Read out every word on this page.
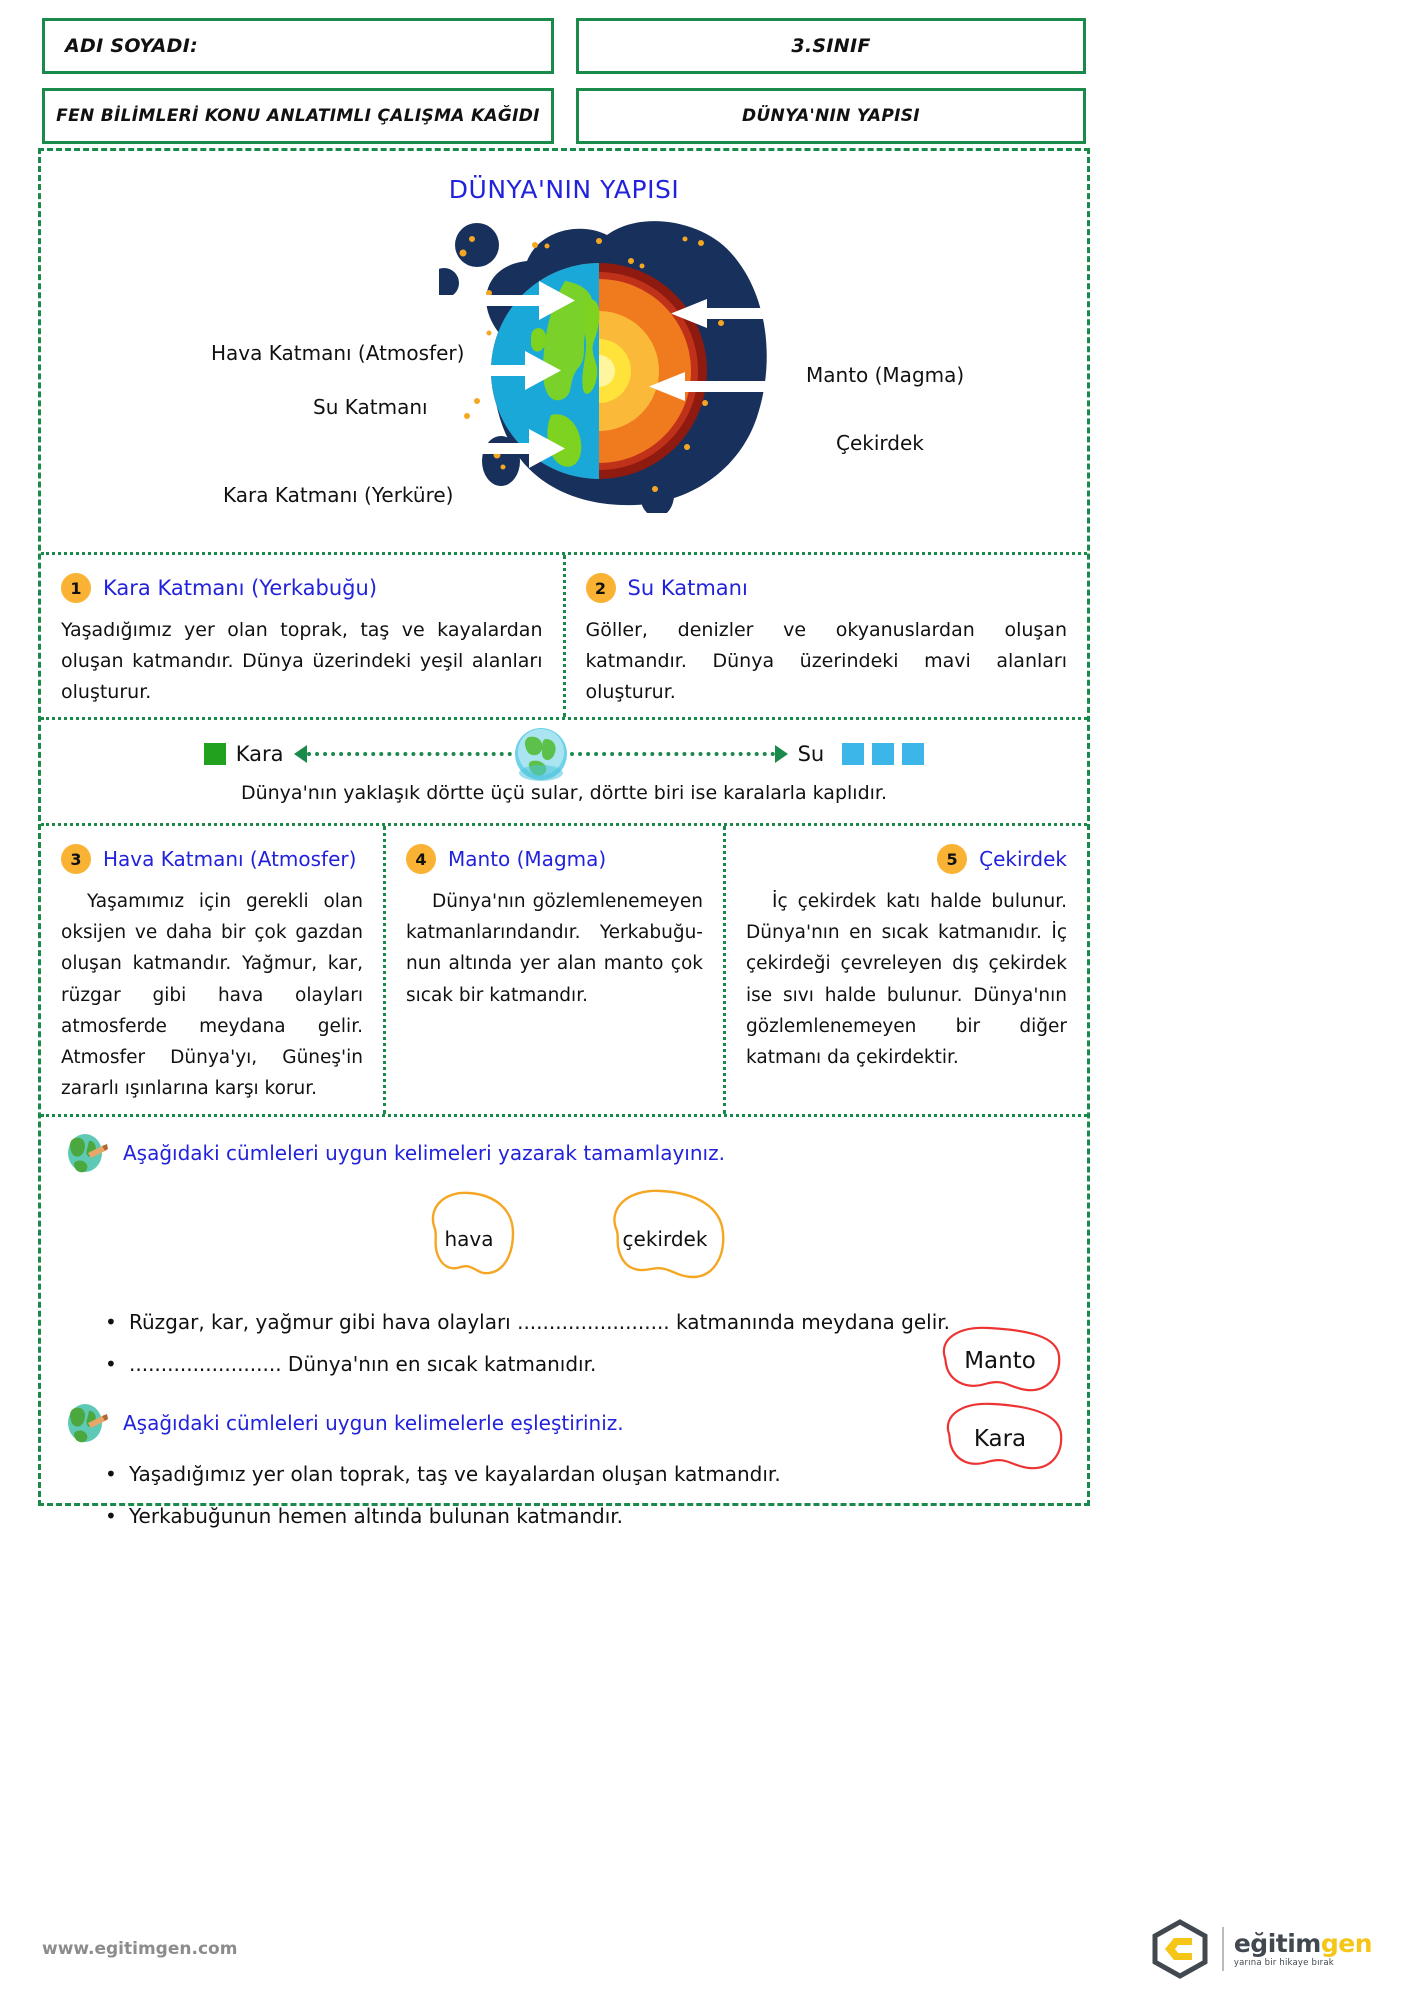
ADI SOYADI:	3.SINIF
FEN BİLİMLERİ KONU ANLATIMLI ÇALIŞMA KAĞIDI	DÜNYA'NIN YAPISI
DÜNYA'NIN YAPISI
Hava Katmanı (Atmosfer)
Su Katmanı
Kara Katmanı (Yerküre)
Manto (Magma)
Çekirdek
1	Kara Katmanı (Yerkabuğu)
Yaşadığımız yer olan toprak, taş ve kayalardan oluşan katmandır. Dünya üzerindeki yeşil alanları oluşturur.
2	Su Katmanı
Göller, denizler ve okyanuslardan oluşan katmandır. Dünya üzerindeki mavi alanları oluşturur.
Kara	Su
Dünya'nın yaklaşık dörtte üçü sular, dörtte biri ise karalarla kaplıdır.
3	Hava Katmanı (Atmosfer)
Yaşamımız için gerekli olan oksijen ve daha bir çok gazdan oluşan katmandır. Yağmur, kar, rüzgar gibi hava olayları atmosferde meydana gelir. Atmosfer Dünya'yı, Güneş'in zararlı ışınlarına karşı korur.
4	Manto (Magma)
Dünya'nın gözlemlenemeyen katmanlarındandır. Yerkabuğu-nun altında yer alan manto çok sıcak bir katmandır.
5	Çekirdek
İç çekirdek katı halde bulunur. Dünya'nın en sıcak katmanıdır. İç çekirdeği çevreleyen dış çekirdek ise sıvı halde bulunur. Dünya'nın gözlemlenemeyen bir diğer katmanı da çekirdektir.
Aşağıdaki cümleleri uygun kelimeleri yazarak tamamlayınız.
hava	çekirdek
• Rüzgar, kar, yağmur gibi hava olayları ........................ katmanında meydana gelir.
• ........................ Dünya'nın en sıcak katmanıdır.
Aşağıdaki cümleleri uygun kelimelerle eşleştiriniz.
• Yaşadığımız yer olan toprak, taş ve kayalardan oluşan katmandır.
• Yerkabuğunun hemen altında bulunan katmandır.
Manto
Kara
www.egitimgen.com	eğitimgen
yarına bir hikaye bırak
